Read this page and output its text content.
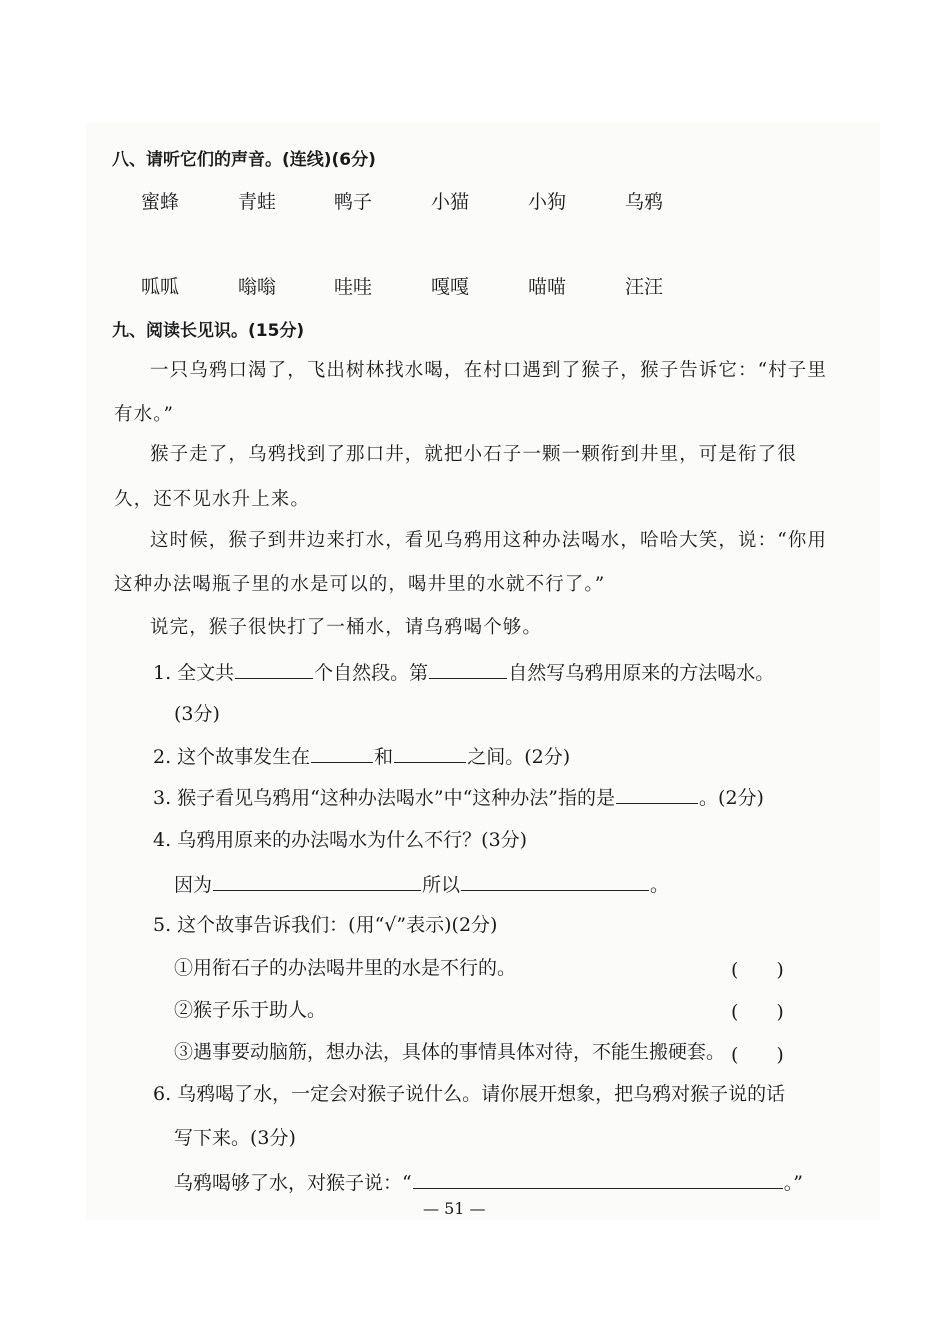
八、请听它们的声音。(连线)(6分)
蜜蜂	青蛙	鸭子	小猫	小狗	乌鸦
呱呱	嗡嗡	哇哇	嘎嘎	喵喵	汪汪
九、阅读长见识。(15分)
一只乌鸦口渴了，飞出树林找水喝，在村口遇到了猴子，猴子告诉它：“村子里
有水。”
猴子走了，乌鸦找到了那口井，就把小石子一颗一颗衔到井里，可是衔了很
久，还不见水升上来。
这时候，猴子到井边来打水，看见乌鸦用这种办法喝水，哈哈大笑，说：“你用
这种办法喝瓶子里的水是可以的，喝井里的水就不行了。”
说完，猴子很快打了一桶水，请乌鸦喝个够。
1. 全文共	个自然段。第	自然写乌鸦用原来的方法喝水。
(3分)
2. 这个故事发生在	和	之间。(2分)
3. 猴子看见乌鸦用“这种办法喝水”中“这种办法”指的是	。(2分)
4. 乌鸦用原来的办法喝水为什么不行？(3分)
因为	所以	。
5. 这个故事告诉我们：(用“√”表示)(2分)
①用衔石子的办法喝井里的水是不行的。	(　　)
②猴子乐于助人。	(　　)
③遇事要动脑筋，想办法，具体的事情具体对待，不能生搬硬套。 (　　)
6. 乌鸦喝了水，一定会对猴子说什么。请你展开想象，把乌鸦对猴子说的话
写下来。(3分)
乌鸦喝够了水，对猴子说：“	。”
— 51 —
